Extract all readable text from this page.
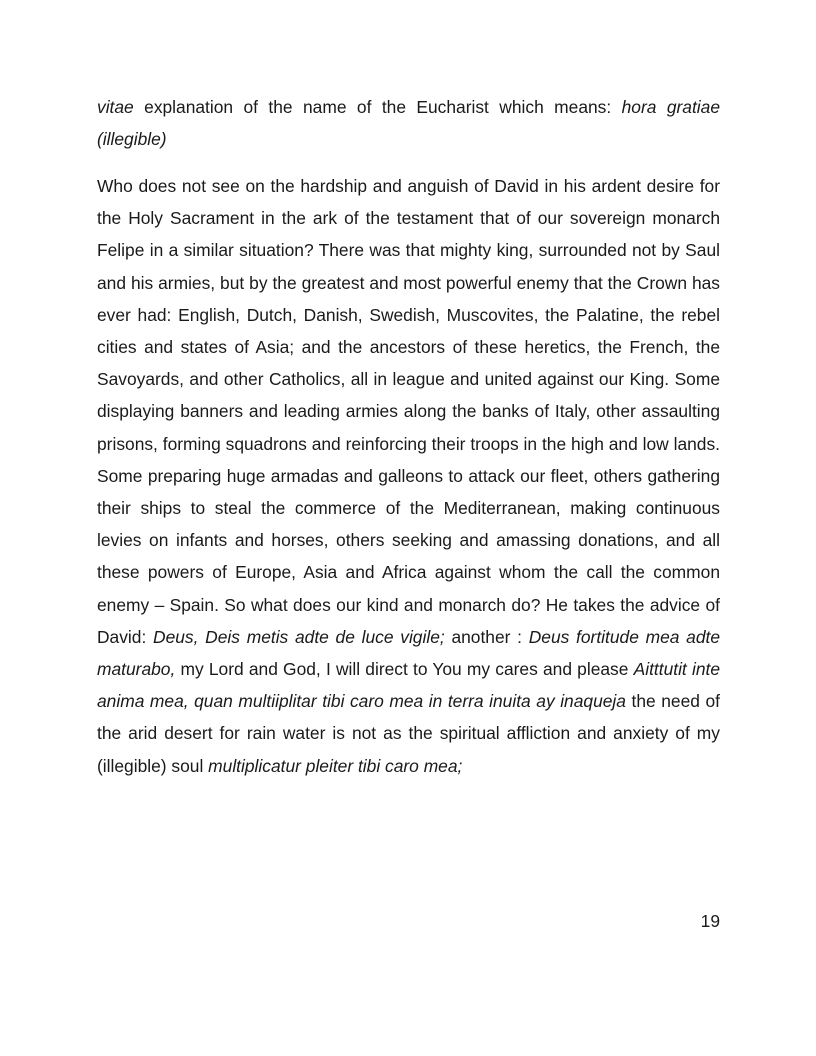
vitae explanation of the name of the Eucharist which means: hora gratiae (illegible)

Who does not see on the hardship and anguish of David in his ardent desire for the Holy Sacrament in the ark of the testament that of our sovereign monarch Felipe in a similar situation? There was that mighty king, surrounded not by Saul and his armies, but by the greatest and most powerful enemy that the Crown has ever had: English, Dutch, Danish, Swedish, Muscovites, the Palatine, the rebel cities and states of Asia; and the ancestors of these heretics, the French, the Savoyards, and other Catholics, all in league and united against our King. Some displaying banners and leading armies along the banks of Italy, other assaulting prisons, forming squadrons and reinforcing their troops in the high and low lands. Some preparing huge armadas and galleons to attack our fleet, others gathering their ships to steal the commerce of the Mediterranean, making continuous levies on infants and horses, others seeking and amassing donations, and all these powers of Europe, Asia and Africa against whom the call the common enemy – Spain. So what does our kind and monarch do? He takes the advice of David: Deus, Deis metis adte de luce vigile; another : Deus fortitude mea adte maturabo, my Lord and God, I will direct to You my cares and please Aitttutit inte anima mea, quan multiiplitar tibi caro mea in terra inuita ay inaqueja the need of the arid desert for rain water is not as the spiritual affliction and anxiety of my (illegible) soul multiplicatur pleiter tibi caro mea;

19
